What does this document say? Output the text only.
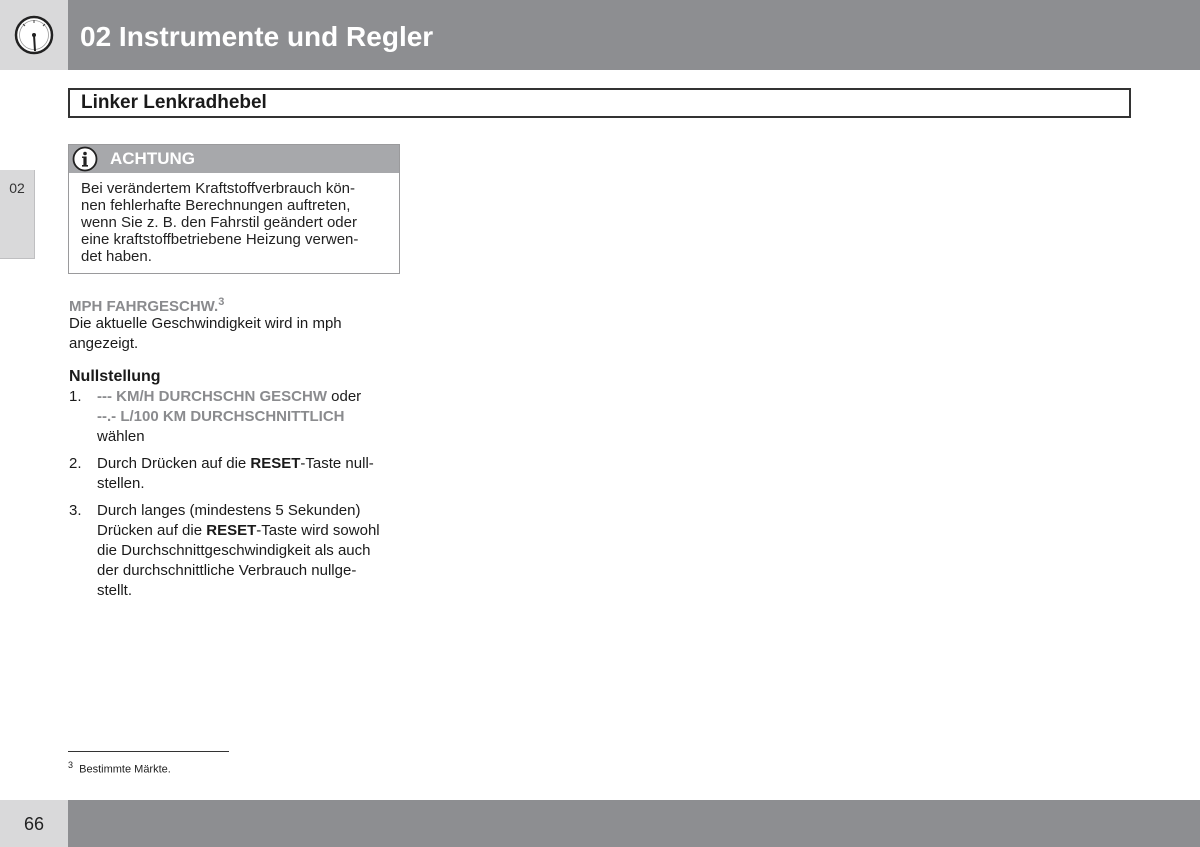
02 Instrumente und Regler
02
Linker Lenkradhebel
ACHTUNG

Bei verändertem Kraftstoffverbrauch kön-
nen fehlerhafte Berechnungen auftreten,
wenn Sie z. B. den Fahrstil geändert oder
eine kraftstoffbetriebene Heizung verwen-
det haben.

MPH FAHRGESCHW.$^3$

Die aktuelle Geschwindigkeit wird in mph
angezeigt.

Nullstellung
1. --- KM/H DURCHSCHN GESCHW oder
--.- L/100 KM DURCHSCHNITTLICH
wählen
2. Durch Drücken auf die RESET-Taste null-
stellen.
3. Durch langes (mindestens 5 Sekunden)
Drücken auf die RESET-Taste wird sowohl
die Durchschnittgeschwindigkeit als auch
der durchschnittliche Verbrauch nullge-
stellt.

$^3$ Bestimmte Märkte.

66
